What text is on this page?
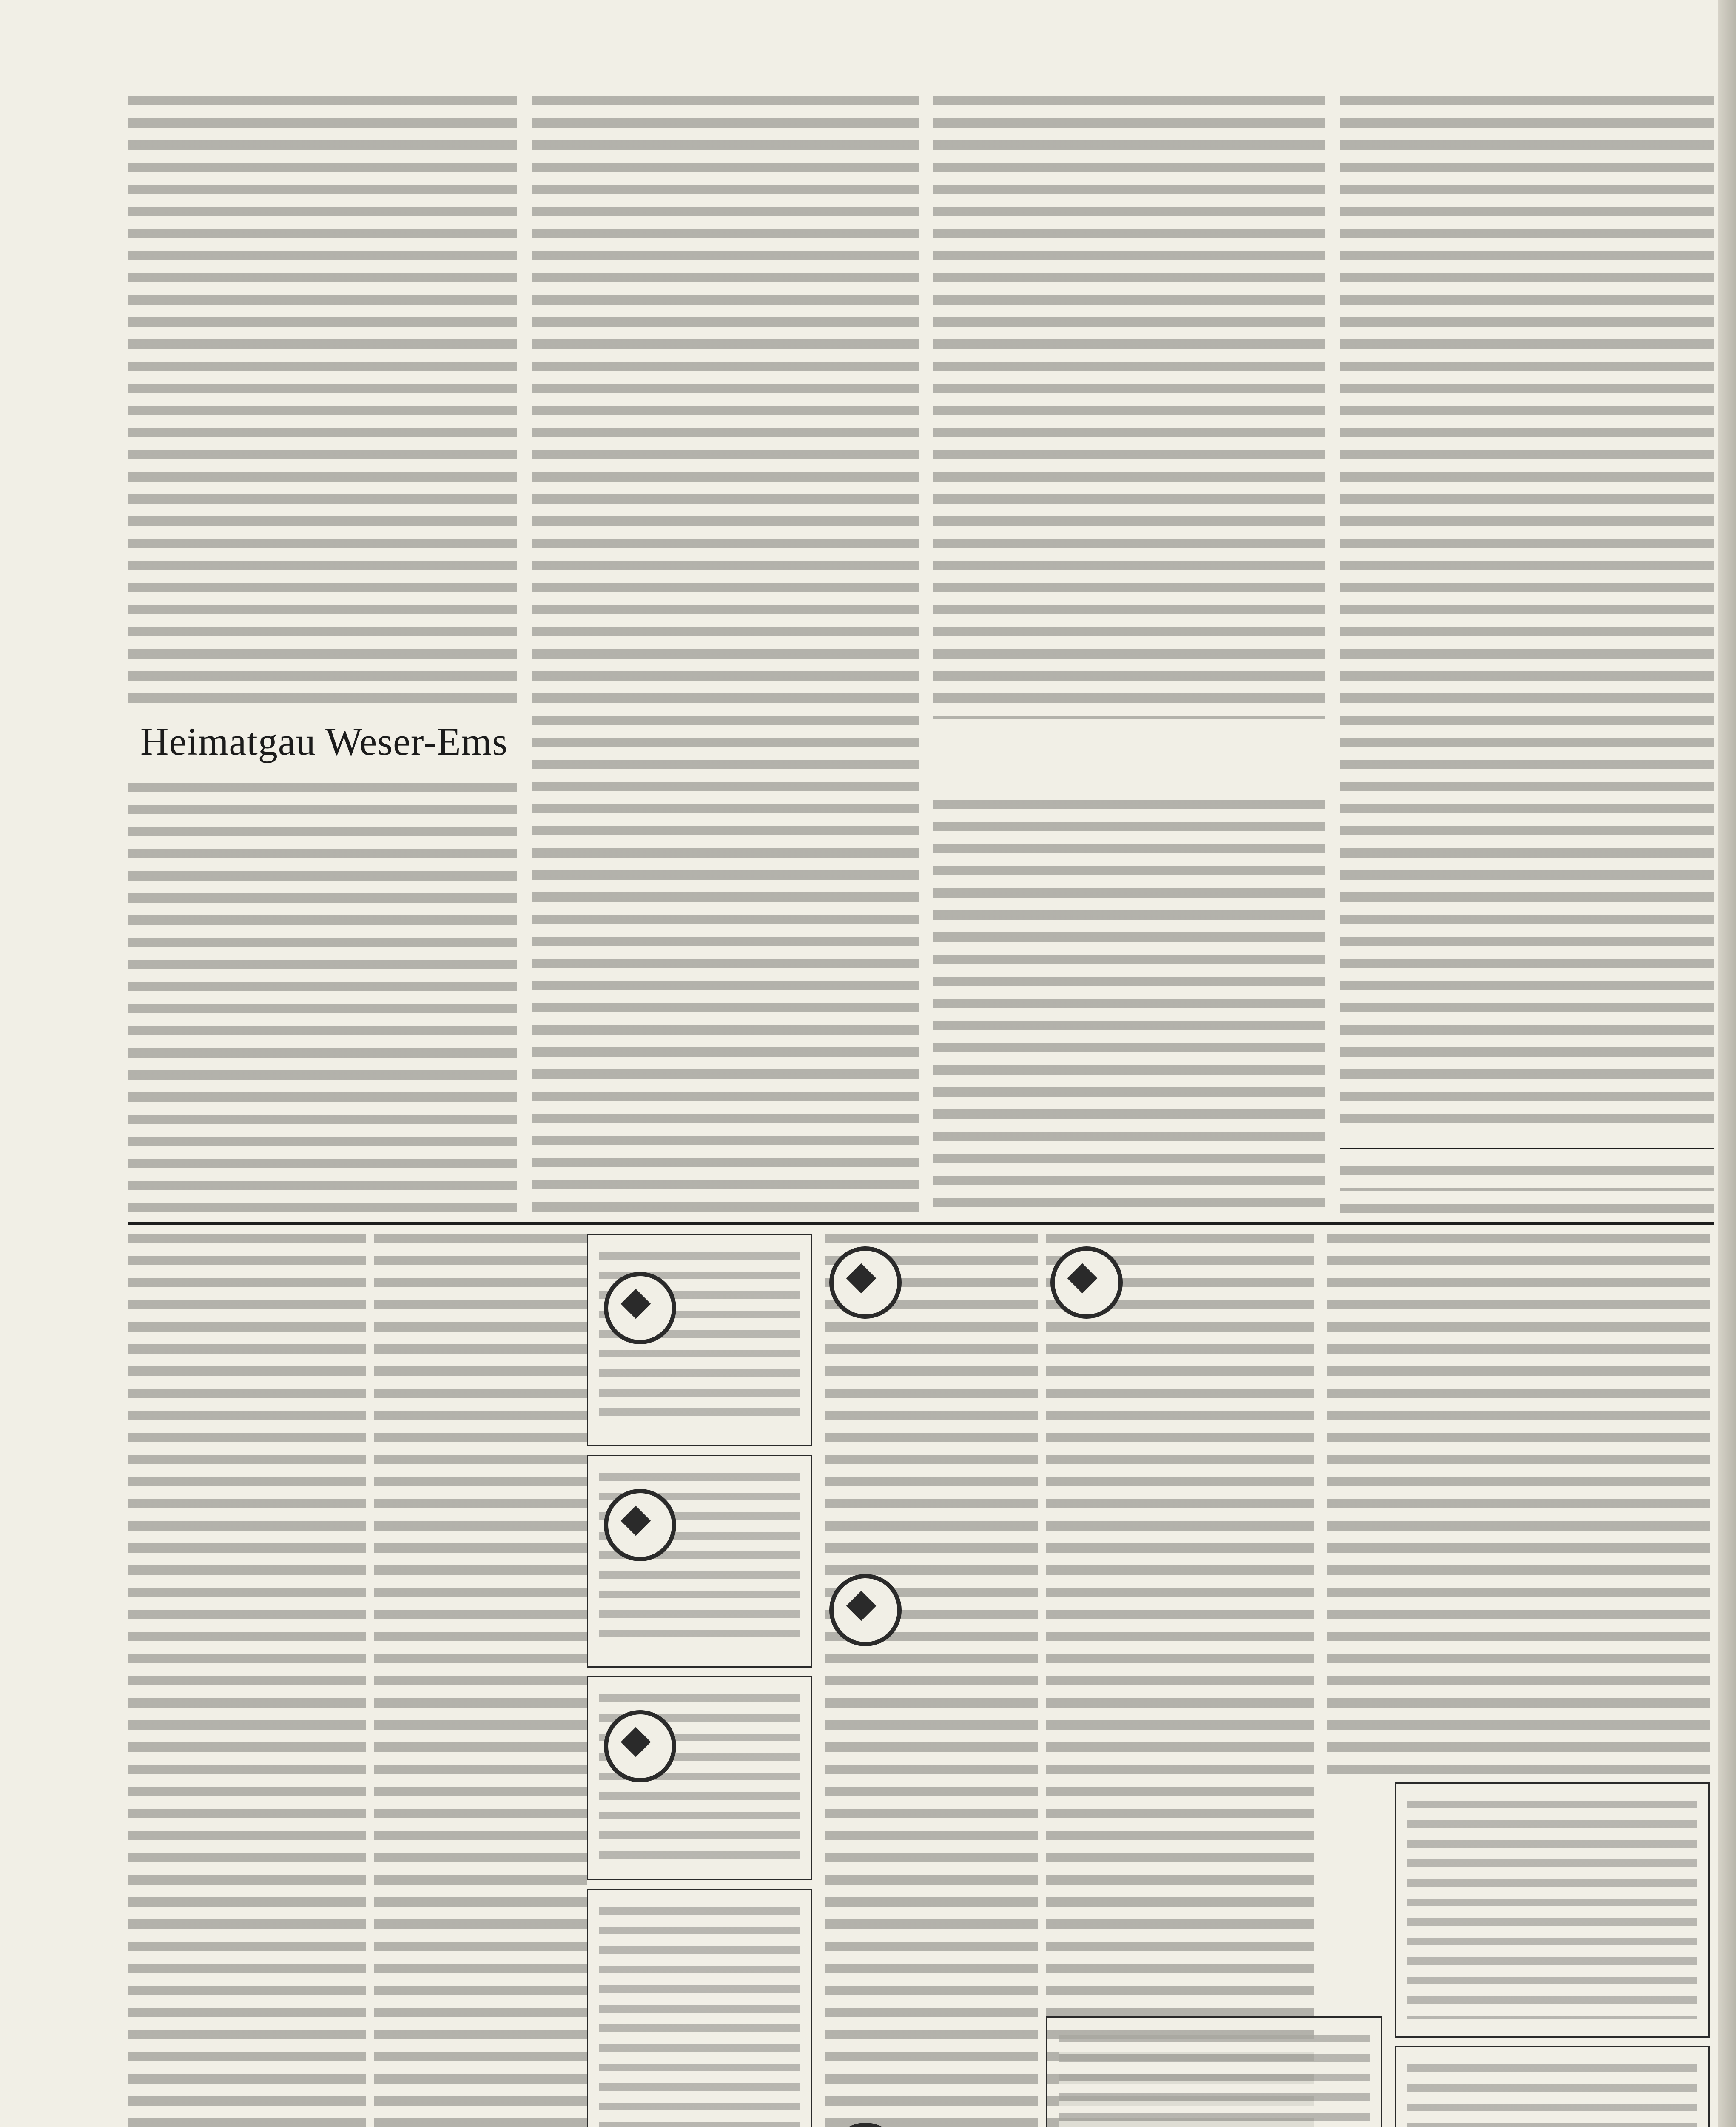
Heimatgau Weser-Ems
